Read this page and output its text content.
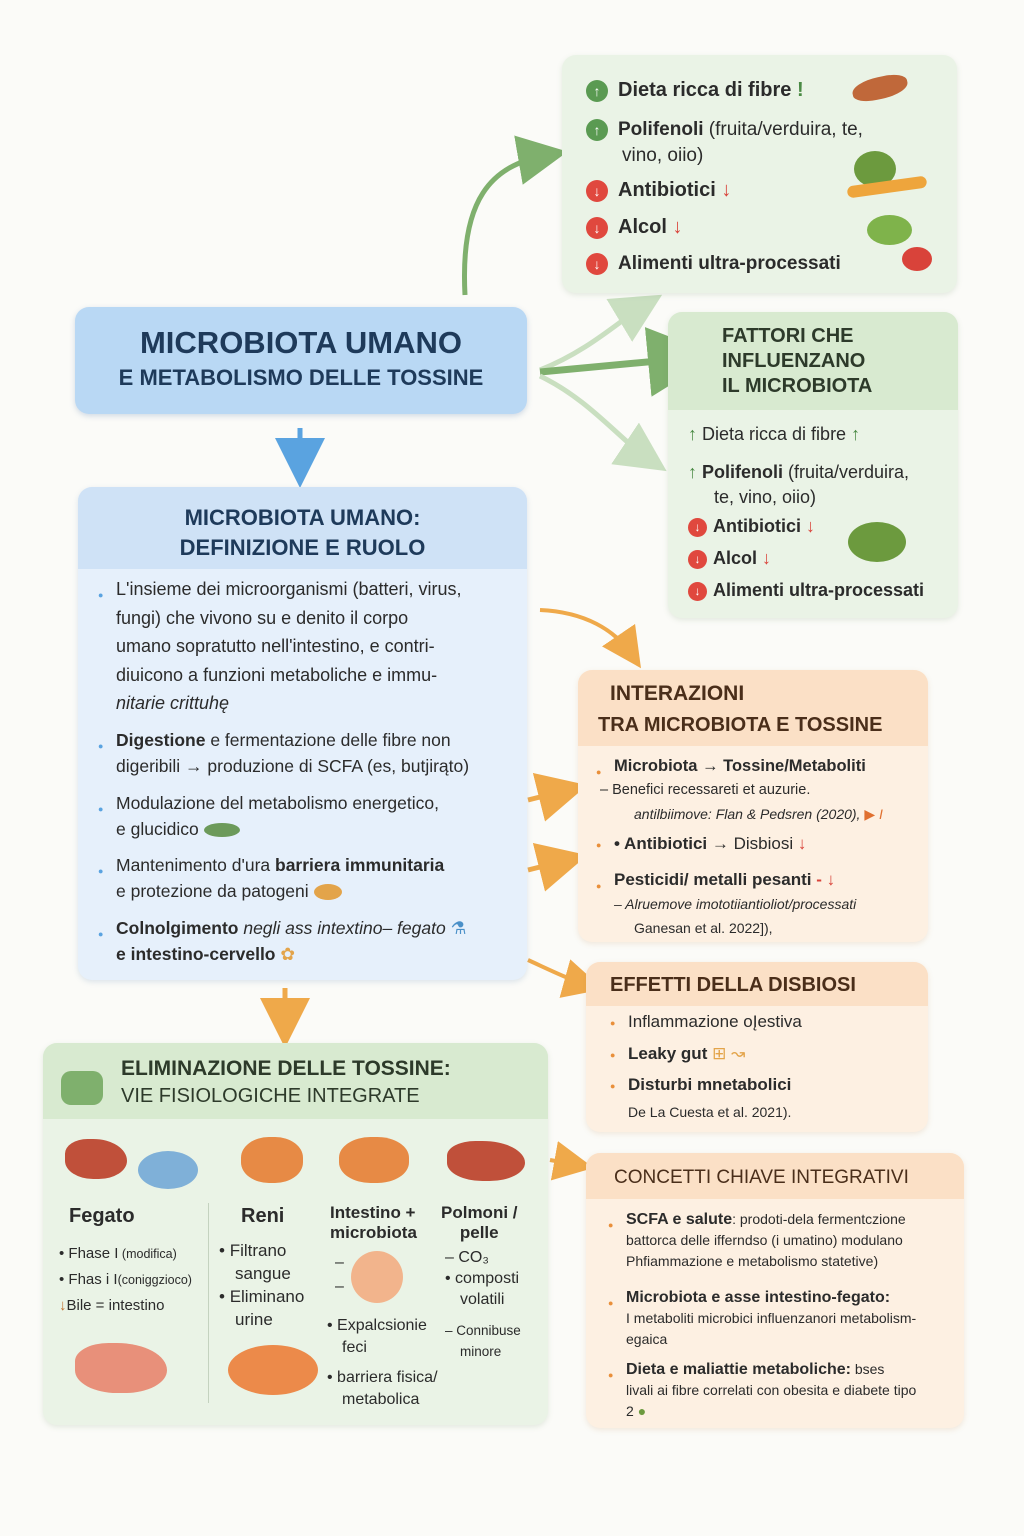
MICROBIOTA UMANO
E METABOLISMO DELLE TOSSINE
↑ Dieta ricca di fibre !
↑ Polifenoli (fruita/verduira, te,
vino, oiio)
↓ Antibiotici ↓
↓ Alcol ↓
↓ Alimenti ultra-processati
FATTORI CHE
INFLUENZANO
IL MICROBIOTA
↑ Dieta ricca di fibre ↑
↑ Polifenoli (fruita/verduira,
te, vino, oiio)
↓ Antibiotici ↓
↓ Alcol ↓
↓ Alimenti ultra-processati
MICROBIOTA UMANO:
DEFINIZIONE E RUOLO
● L'insieme dei microorganismi (batteri, virus,
fungi) che vivono su e denito il corpo
umano sopratutto nell'intestino, e contri-
diuicono a funzioni metaboliche e immu-
nitarie crittuhę
● Digestione e fermentazione delle fibre non
digeribili → produzione di SCFA (es, butjirąto)
● Modulazione del metabolismo energetico,
e glucidico
● Mantenimento d'ura barriera immunitaria
e protezione da patogeni
● Colnolgimento negli ass intextino– fegato ⚗
e intestino-cervello ✿
INTERAZIONI
TRA MICROBIOTA E TOSSINE
● Microbiota → Tossine/Metaboliti
– Benefici recessareti et auzurie.
antilbiimove: Flan & Pedsren (2020), ▶ I
● • Antibiotici → Disbiosi ↓
● Pesticidi/ metalli pesanti - ↓
– Alruemove imototiiantioliot/processati
Ganesan et al. 2022]),
EFFETTI DELLA DISBIOSI
● Inflammazione oĮestiva
● Leaky gut ⊞ ↝
● Disturbi mnetabolici
De La Cuesta et al. 2021).
ELIMINAZIONE DELLE TOSSINE:
VIE FISIOLOGICHE INTEGRATE
Fegato
• Fhase I (modifica)
• Fhas i I(coniggzioco)
↓Bile = intestino
Reni
• Filtrano
sangue
• Eliminano
urine
Intestino +
microbiota
–
–
• Expalcsionie
feci
• barriera fisica/
metabolica
Polmoni /
pelle
– CO₃
• composti
volatili
– Connibuse
minore
CONCETTI CHIAVE INTEGRATIVI
● SCFA e salute: prodoti-dela fermentczione
battorca delle ifferndso (i umatino) modulano
Phfiammazione e metabolismo statetive)
● Microbiota e asse intestino-fegato:
I metaboliti microbici influenzanori metabolism-
egaica
● Dieta e maliattie metaboliche: bses
livali ai fibre correlati con obesita e diabete tipo
2 ●
